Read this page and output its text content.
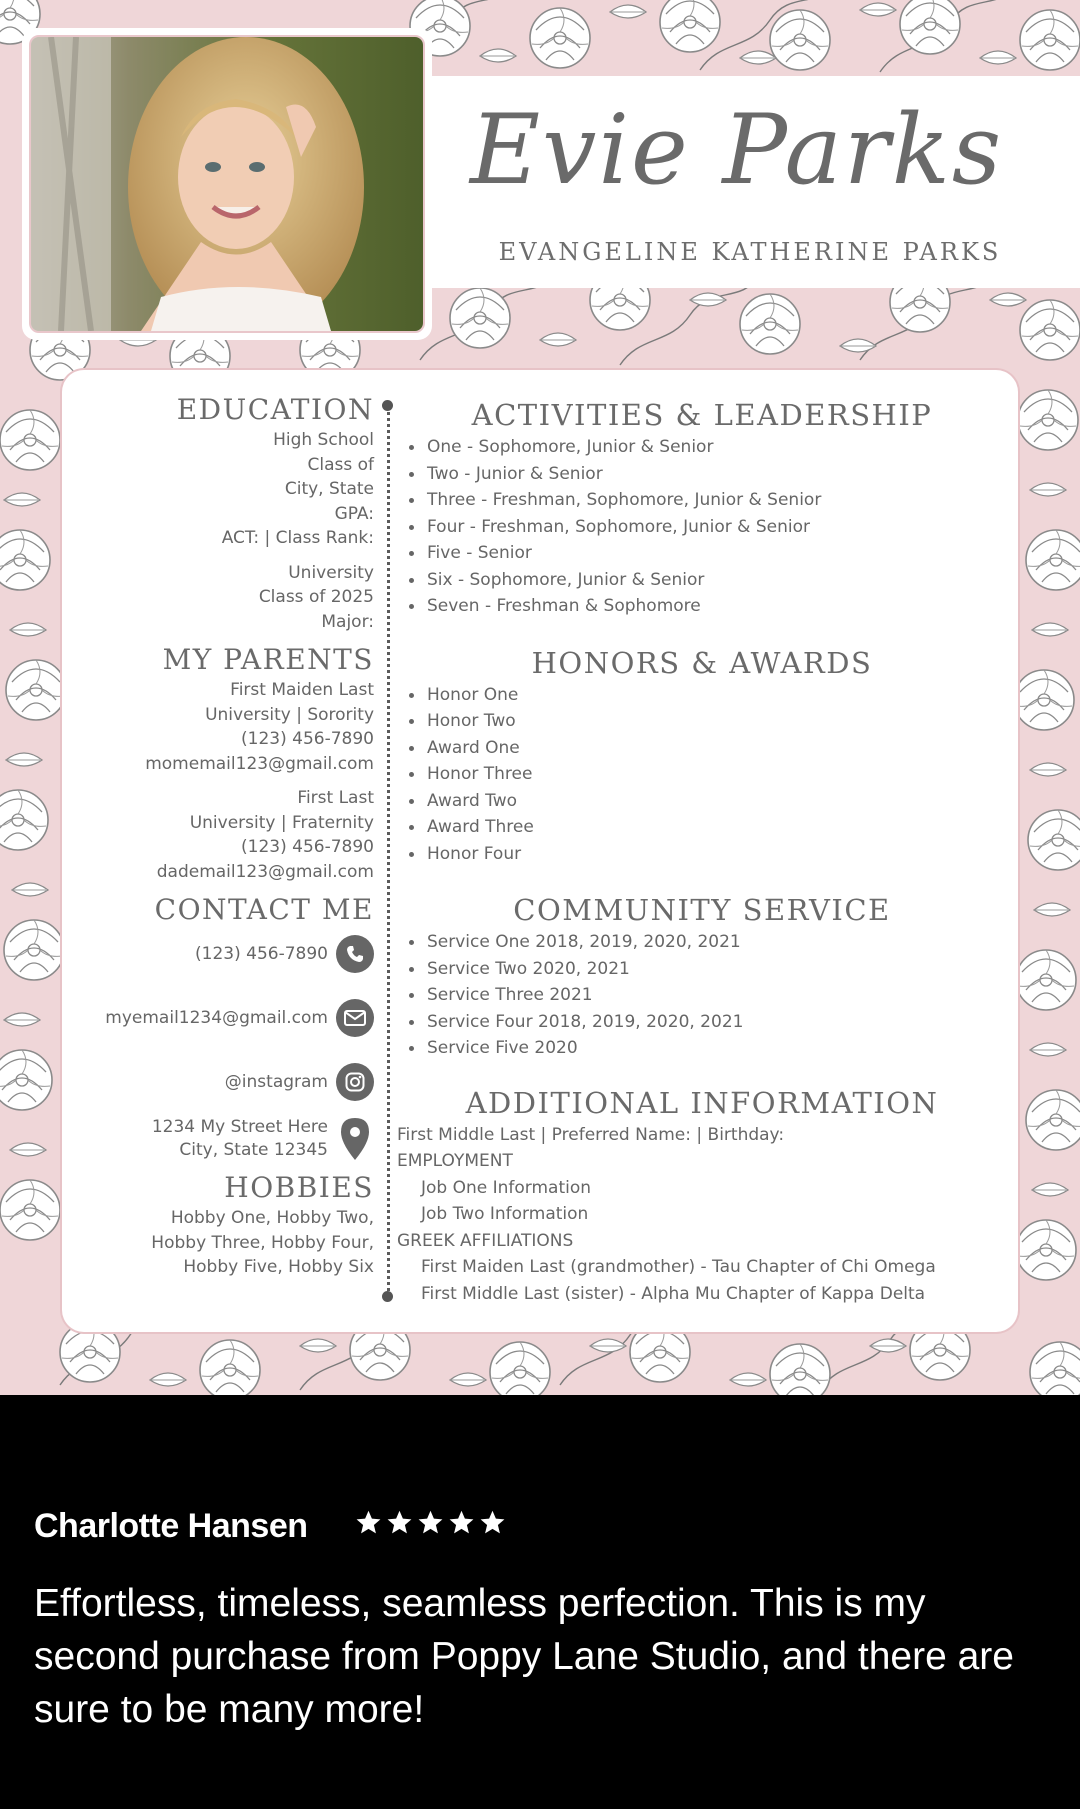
Evie Parks
EVANGELINE KATHERINE PARKS
EDUCATION
High School
Class of
City, State
GPA:
ACT: | Class Rank:
University
Class of 2025
Major:
MY PARENTS
First Maiden Last
University | Sorority
(123) 456-7890
momemail123@gmail.com
First Last
University | Fraternity
(123) 456-7890
dademail123@gmail.com
CONTACT ME
(123) 456-7890
myemail1234@gmail.com
@instagram
1234 My Street Here
City, State 12345
HOBBIES
Hobby One, Hobby Two,
Hobby Three, Hobby Four,
Hobby Five, Hobby Six
ACTIVITIES & LEADERSHIP
One - Sophomore, Junior & Senior
Two - Junior & Senior
Three - Freshman, Sophomore, Junior & Senior
Four - Freshman, Sophomore, Junior & Senior
Five - Senior
Six - Sophomore, Junior & Senior
Seven - Freshman & Sophomore
HONORS & AWARDS
Honor One
Honor Two
Award One
Honor Three
Award Two
Award Three
Honor Four
COMMUNITY SERVICE
Service One 2018, 2019, 2020, 2021
Service Two 2020, 2021
Service Three 2021
Service Four 2018, 2019, 2020, 2021
Service Five 2020
ADDITIONAL INFORMATION
First Middle Last | Preferred Name: | Birthday:
EMPLOYMENT
Job One Information
Job Two Information
GREEK AFFILIATIONS
First Maiden Last (grandmother) - Tau Chapter of Chi Omega
First Middle Last (sister) - Alpha Mu Chapter of Kappa Delta
Charlotte Hansen
Effortless, timeless, seamless perfection. This is my second purchase from Poppy Lane Studio, and there are sure to be many more!
